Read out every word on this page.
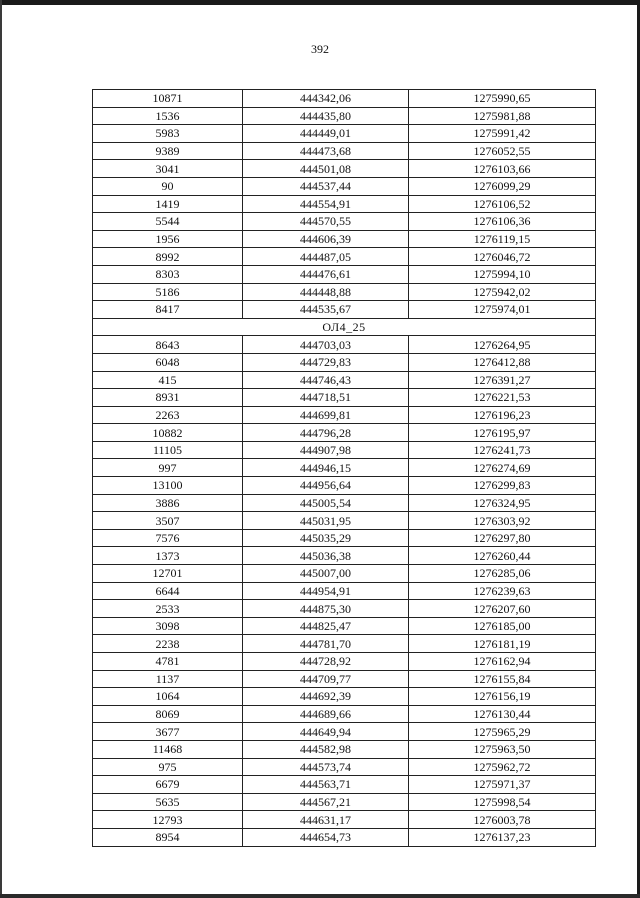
392
10871	444342,06	1275990,65
1536	444435,80	1275981,88
5983	444449,01	1275991,42
9389	444473,68	1276052,55
3041	444501,08	1276103,66
90	444537,44	1276099,29
1419	444554,91	1276106,52
5544	444570,55	1276106,36
1956	444606,39	1276119,15
8992	444487,05	1276046,72
8303	444476,61	1275994,10
5186	444448,88	1275942,02
8417	444535,67	1275974,01
ОЛ4_25		
8643	444703,03	1276264,95
6048	444729,83	1276412,88
415	444746,43	1276391,27
8931	444718,51	1276221,53
2263	444699,81	1276196,23
10882	444796,28	1276195,97
11105	444907,98	1276241,73
997	444946,15	1276274,69
13100	444956,64	1276299,83
3886	445005,54	1276324,95
3507	445031,95	1276303,92
7576	445035,29	1276297,80
1373	445036,38	1276260,44
12701	445007,00	1276285,06
6644	444954,91	1276239,63
2533	444875,30	1276207,60
3098	444825,47	1276185,00
2238	444781,70	1276181,19
4781	444728,92	1276162,94
1137	444709,77	1276155,84
1064	444692,39	1276156,19
8069	444689,66	1276130,44
3677	444649,94	1275965,29
11468	444582,98	1275963,50
975	444573,74	1275962,72
6679	444563,71	1275971,37
5635	444567,21	1275998,54
12793	444631,17	1276003,78
8954	444654,73	1276137,23
